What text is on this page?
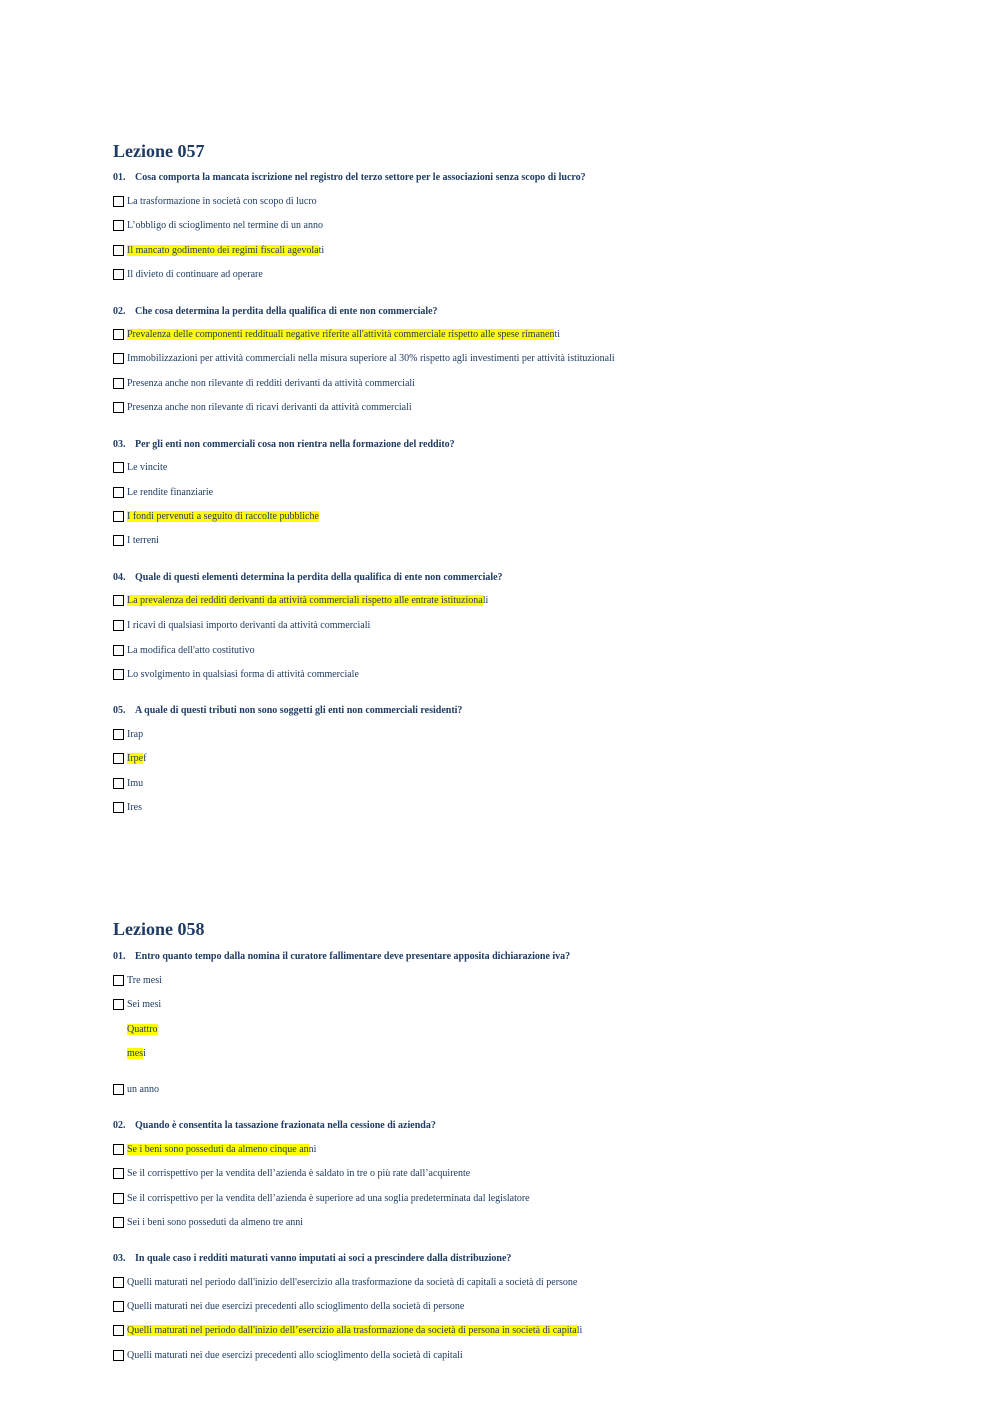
Lezione 057
01. Cosa comporta la mancata iscrizione nel registro del terzo settore per le associazioni senza scopo di lucro?
La trasformazione in società con scopo di lucro
L’obbligo di scioglimento nel termine di un anno
Il mancato godimento dei regimi fiscali agevolati
Il divieto di continuare ad operare
02. Che cosa determina la perdita della qualifica di ente non commerciale?
Prevalenza delle componenti reddituali negative riferite all'attività commerciale rispetto alle spese rimanenti
Immobilizzazioni per attività commerciali nella misura superiore al 30% rispetto agli investimenti per attività istituzionali
Presenza anche non rilevante di redditi derivanti da attività commerciali
Presenza anche non rilevante di ricavi derivanti da attività commerciali
03. Per gli enti non commerciali cosa non rientra nella formazione del reddito?
Le vincite
Le rendite finanziarie
I fondi pervenuti a seguito di raccolte pubbliche
I terreni
04. Quale di questi elementi determina la perdita della qualifica di ente non commerciale?
La prevalenza dei redditi derivanti da attività commerciali rispetto alle entrate istituzionali
I ricavi di qualsiasi importo derivanti da attività commerciali
La modifica dell'atto costitutivo
Lo svolgimento in qualsiasi forma di attività commerciale
05. A quale di questi tributi non sono soggetti gli enti non commerciali residenti?
Irap
Irpef
Imu
Ires
Lezione 058
01. Entro quanto tempo dalla nomina il curatore fallimentare deve presentare apposita dichiarazione iva?
Tre mesi
Sei mesi
Quattro
mesi
un anno
02. Quando è consentita la tassazione frazionata nella cessione di azienda?
Se i beni sono posseduti da almeno cinque anni
Se il corrispettivo per la vendita dell’azienda è saldato in tre o più rate dall’acquirente
Se il corrispettivo per la vendita dell’azienda è superiore ad una soglia predeterminata dal legislatore
Sei i beni sono posseduti da almeno tre anni
03. In quale caso i redditi maturati vanno imputati ai soci a prescindere dalla distribuzione?
Quelli maturati nel periodo dall'inizio dell'esercizio alla trasformazione da società di capitali a società di persone
Quelli maturati nei due esercizi precedenti allo scioglimento della società di persone
Quelli maturati nel periodo dall'inizio dell’esercizio alla trasformazione da società di persona in società di capitali
Quelli maturati nei due esercizi precedenti allo scioglimento della società di capitali
